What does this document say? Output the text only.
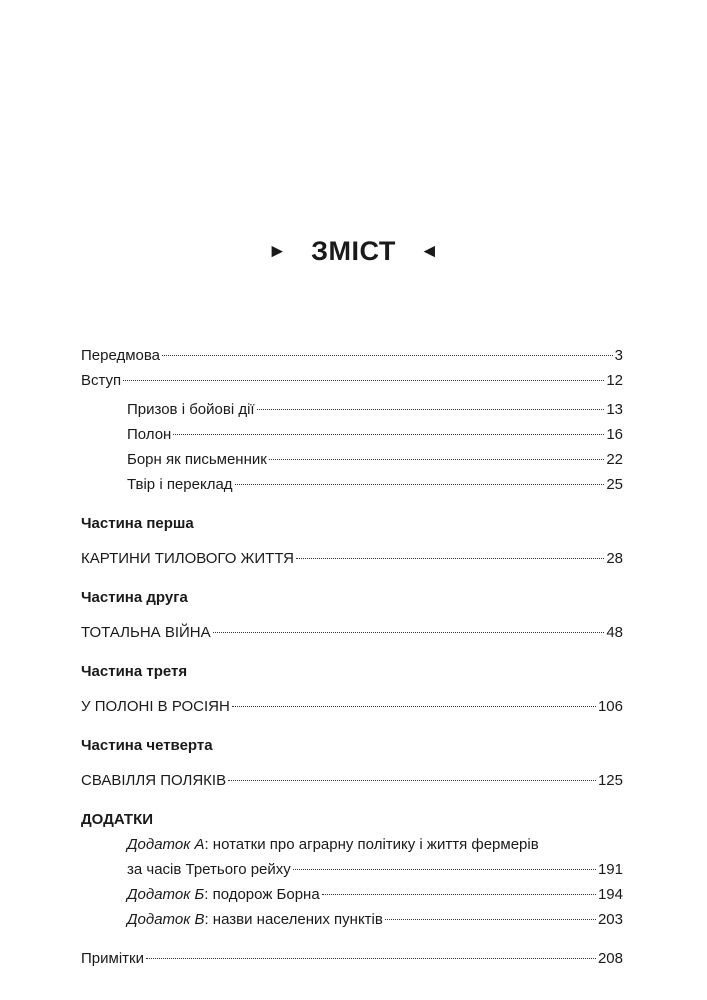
► ЗМІСТ ◄
Передмова	3
Вступ	12
Призов і бойові дії	13
Полон	16
Борн як письменник	22
Твір і переклад	25
Частина перша
КАРТИНИ ТИЛОВОГО ЖИТТЯ	28
Частина друга
ТОТАЛЬНА ВІЙНА	48
Частина третя
У ПОЛОНІ В РОСІЯН	106
Частина четверта
СВАВІЛЛЯ ПОЛЯКІВ	125
ДОДАТКИ
Додаток А: нотатки про аграрну політику і життя фермерів
за часів Третього рейху	191
Додаток Б: подорож Борна	194
Додаток В: назви населених пунктів	203
Примітки	208
